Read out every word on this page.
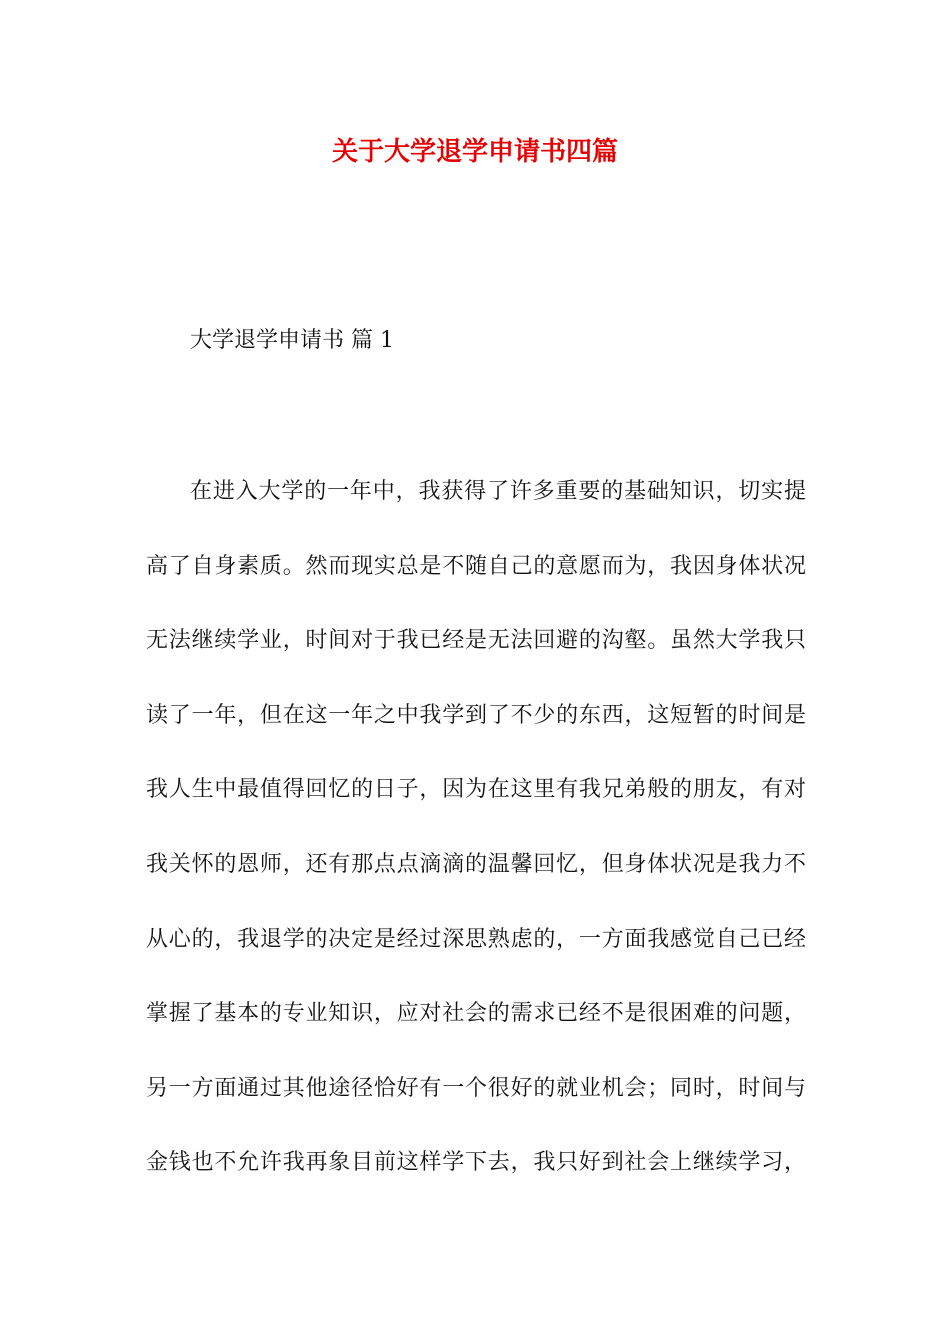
关于大学退学申请书四篇
大学退学申请书 篇 1
在进入大学的一年中，我获得了许多重要的基础知识，切实提
高了自身素质。然而现实总是不随自己的意愿而为，我因身体状况
无法继续学业，时间对于我已经是无法回避的沟壑。虽然大学我只
读了一年，但在这一年之中我学到了不少的东西，这短暂的时间是
我人生中最值得回忆的日子，因为在这里有我兄弟般的朋友，有对
我关怀的恩师，还有那点点滴滴的温馨回忆，但身体状况是我力不
从心的，我退学的决定是经过深思熟虑的，一方面我感觉自己已经
掌握了基本的专业知识，应对社会的需求已经不是很困难的问题，
另一方面通过其他途径恰好有一个很好的就业机会；同时，时间与
金钱也不允许我再象目前这样学下去，我只好到社会上继续学习，
